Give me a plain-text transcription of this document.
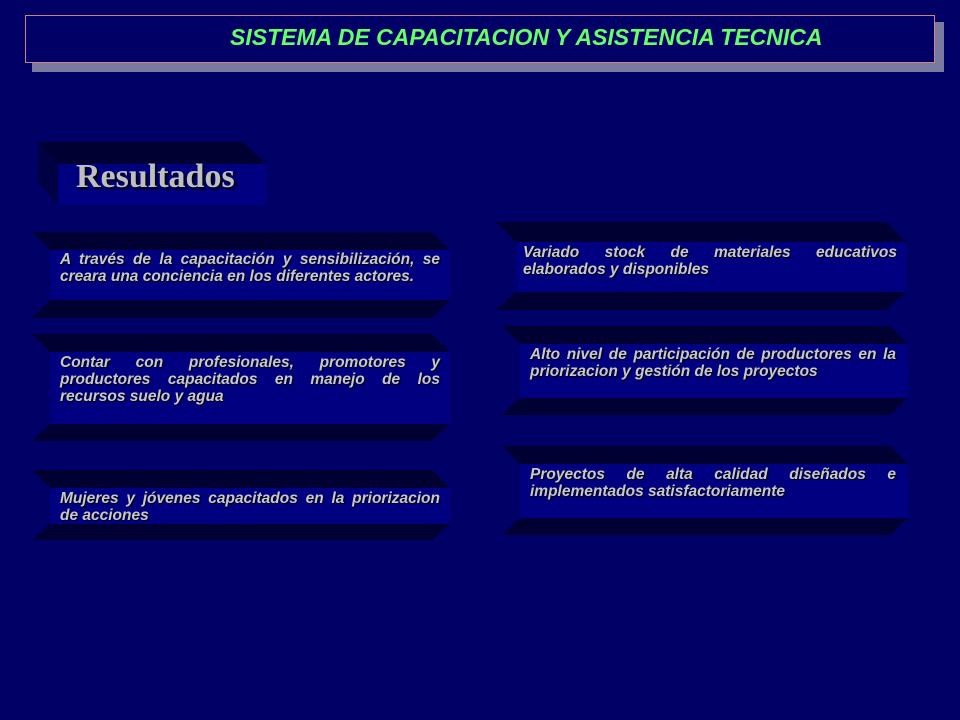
SISTEMA DE CAPACITACION Y ASISTENCIA TECNICA
Resultados
A través de la capacitación y sensibilización, se creara una conciencia en los diferentes actores.
Contar con profesionales, promotores y productores capacitados en manejo de los recursos suelo y agua
Mujeres y jóvenes capacitados en la priorizacion de acciones
Variado stock de materiales educativos elaborados y disponibles
Alto nivel de participación de productores en la priorizacion y gestión de los proyectos
Proyectos de alta calidad diseñados e implementados satisfactoriamente
